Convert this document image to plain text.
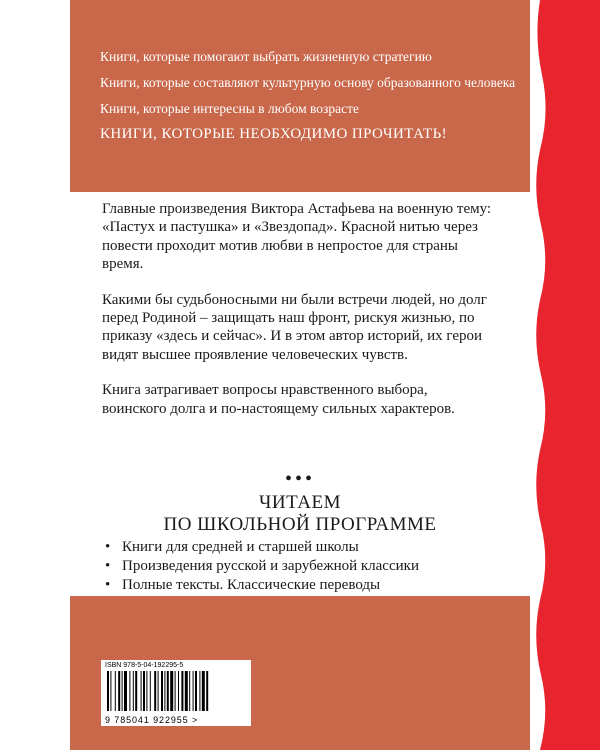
Книги, которые помогают выбрать жизненную стратегию

Книги, которые составляют культурную основу образованного человека

Книги, которые интересны в любом возрасте

КНИГИ, КОТОРЫЕ НЕОБХОДИМО ПРОЧИТАТЬ!

Главные произведения Виктора Астафьева на военную тему: «Пастух и пастушка» и «Звездопад». Красной нитью через повести проходит мотив любви в непростое для страны время.

Какими бы судьбоносными ни были встречи людей, но долг перед Родиной – защищать наш фронт, рискуя жизнью, по приказу «здесь и сейчас». И в этом автор историй, их герои видят высшее проявление человеческих чувств.

Книга затрагивает вопросы нравственного выбора, воинского долга и по-настоящему сильных характеров.

•••
ЧИТАЕМ
ПО ШКОЛЬНОЙ ПРОГРАММЕ
• Книги для средней и старшей школы
• Произведения русской и зарубежной классики
• Полные тексты. Классические переводы
ISBN 978-5-04-192295-5
9 785041 922955 >
